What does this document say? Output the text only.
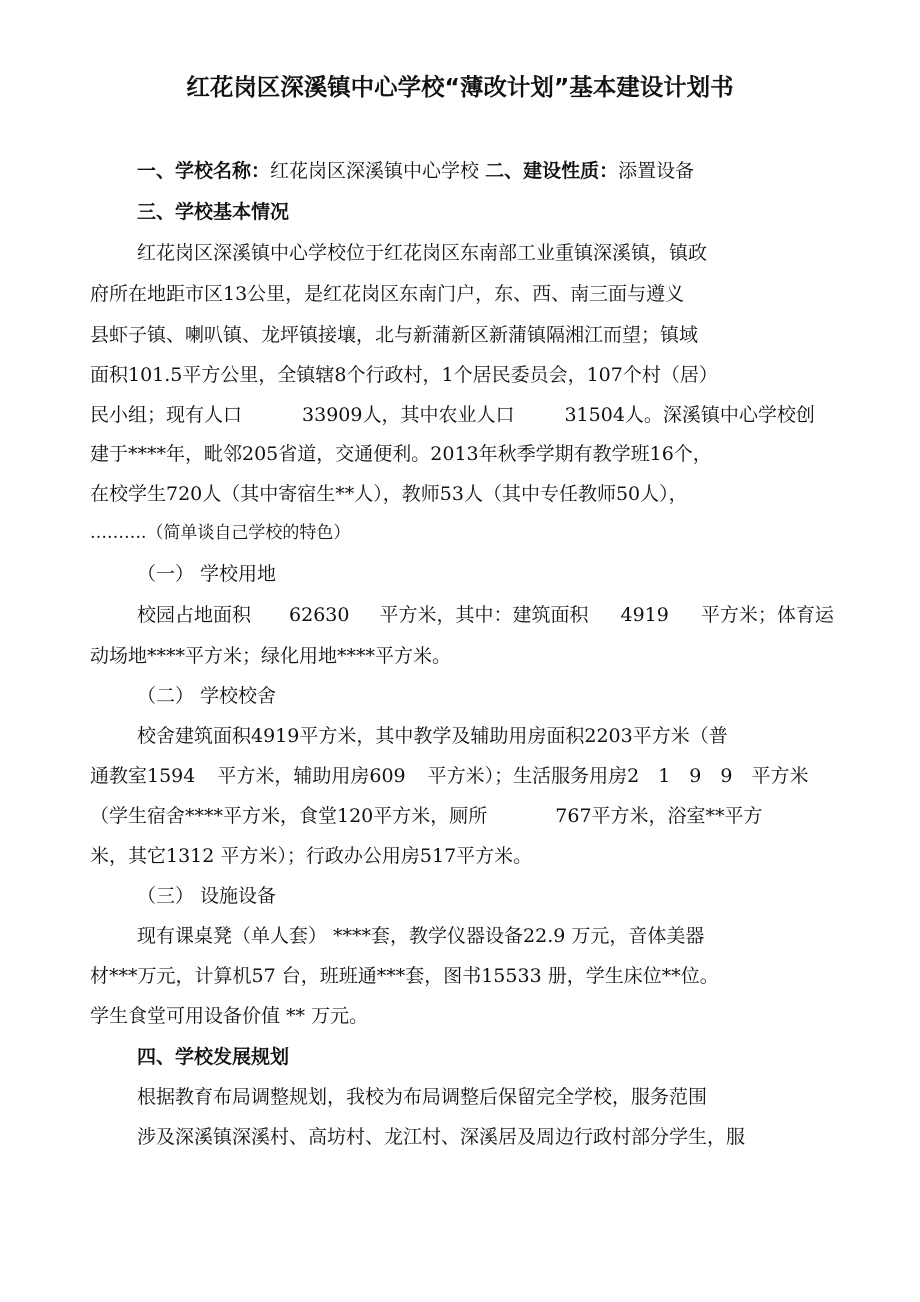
红花岗区深溪镇中心学校“薄改计划”基本建设计划书
一、学校名称：红花岗区深溪镇中心学校 二、建设性质：添置设备
三、学校基本情况
红花岗区深溪镇中心学校位于红花岗区东南部工业重镇深溪镇，镇政
府所在地距市区13公里，是红花岗区东南门户，东、西、南三面与遵义
县虾子镇、喇叭镇、龙坪镇接壤，北与新蒲新区新蒲镇隔湘江而望；镇域
面积101.5平方公里，全镇辖8个行政村，1个居民委员会，107个村（居）
民小组；现有人口	33909人，其中农业人口	31504人。深溪镇中心学校创
建于****年，毗邻205省道，交通便利。2013年秋季学期有教学班16个，
在校学生720人（其中寄宿生**人），教师53人（其中专任教师50人），
……….（简单谈自己学校的特色）
（一） 学校用地
校园占地面积 62630 平方米，其中：建筑面积 4919 平方米；体育运
动场地****平方米；绿化用地****平方米。
（二） 学校校舍
校舍建筑面积4919平方米，其中教学及辅助用房面积2203平方米（普
通教室1594 平方米，辅助用房609 平方米）；生活服务用房2　1　9　9　平方米
（学生宿舍****平方米，食堂120平方米，厕所	767平方米，浴室**平方
米，其它1312 平方米）；行政办公用房517平方米。
（三） 设施设备
现有课桌凳（单人套） ****套，教学仪器设备22.9 万元，音体美器
材***万元，计算机57 台，班班通***套，图书15533 册，学生床位**位。
学生食堂可用设备价值 ** 万元。
四、学校发展规划
根据教育布局调整规划，我校为布局调整后保留完全学校，服务范围
涉及深溪镇深溪村、高坊村、龙江村、深溪居及周边行政村部分学生，服
